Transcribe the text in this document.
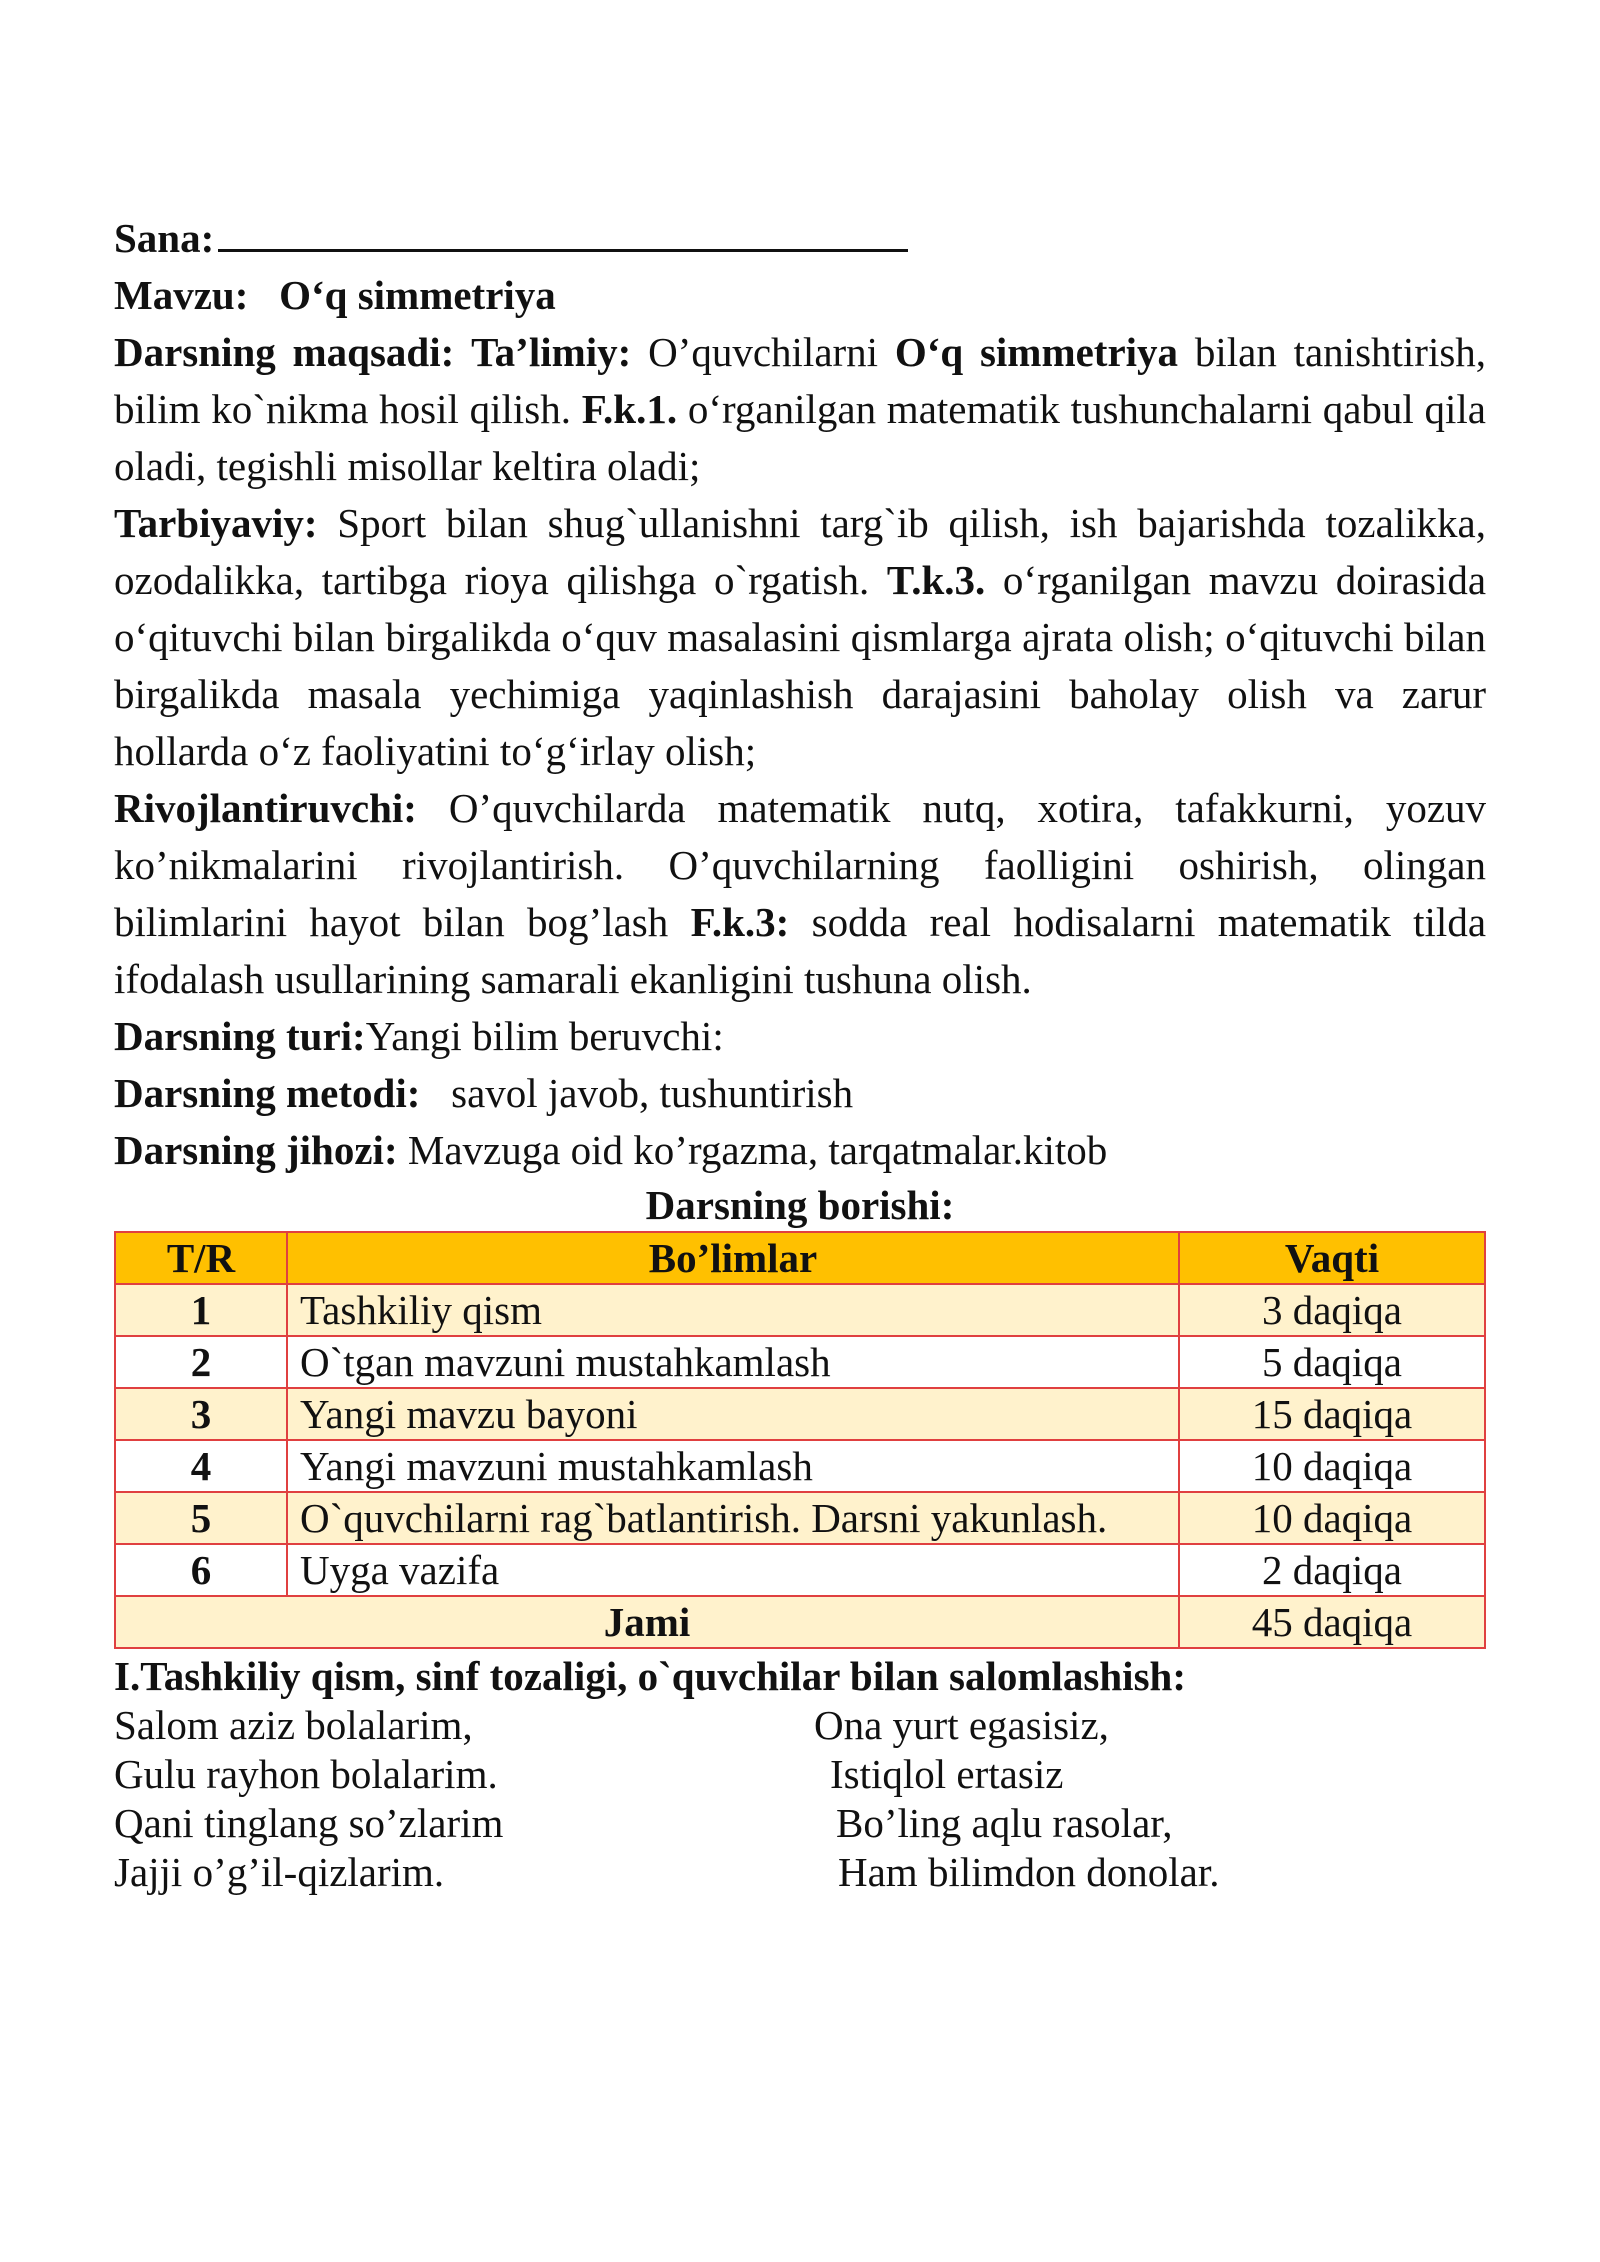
Sana:

Mavzu: O‘q simmetriya

Darsning maqsadi: Ta’limiy: O’quvchilarni O‘q simmetriya bilan tanishtirish, bilim ko`nikma hosil qilish. F.k.1. o‘rganilgan matematik tushunchalarni qabul qila oladi, tegishli misollar keltira oladi;

Tarbiyaviy: Sport bilan shug`ullanishni targ`ib qilish, ish bajarishda tozalikka, ozodalikka, tartibga rioya qilishga o`rgatish. T.k.3. o‘rganilgan mavzu doirasida o‘qituvchi bilan birgalikda o‘quv masalasini qismlarga ajrata olish; o‘qituvchi bilan birgalikda masala yechimiga yaqinlashish darajasini baholay olish va zarur hollarda o‘z faoliyatini to‘g‘irlay olish;

Rivojlantiruvchi: O’quvchilarda matematik nutq, xotira, tafakkurni, yozuv ko’nikmalarini rivojlantirish. O’quvchilarning faolligini oshirish, olingan bilimlarini hayot bilan bog’lash F.k.3: sodda real hodisalarni matematik tilda ifodalash usullarining samarali ekanligini tushuna olish.

Darsning turi:Yangi bilim beruvchi:

Darsning metodi: savol javob, tushuntirish

Darsning jihozi: Mavzuga oid ko’rgazma, tarqatmalar.kitob

Darsning borishi:

T/R	Bo’limlar	Vaqti
1	Tashkiliy qism	3 daqiqa
2	O`tgan mavzuni mustahkamlash	5 daqiqa
3	Yangi mavzu bayoni	15 daqiqa
4	Yangi mavzuni mustahkamlash	10 daqiqa
5	O`quvchilarni rag`batlantirish. Darsni yakunlash.	10 daqiqa
6	Uyga vazifa	2 daqiqa
Jami		45 daqiqa

I.Tashkiliy qism, sinf tozaligi, o`quvchilar bilan salomlashish:

Salom aziz bolalarim,
Gulu rayhon bolalarim.
Qani tinglang so’zlarim
Jajji o’g’il-qizlarim.
Ona yurt egasisiz,
Istiqlol ertasiz
Bo’ling aqlu rasolar,
Ham bilimdon donolar.
